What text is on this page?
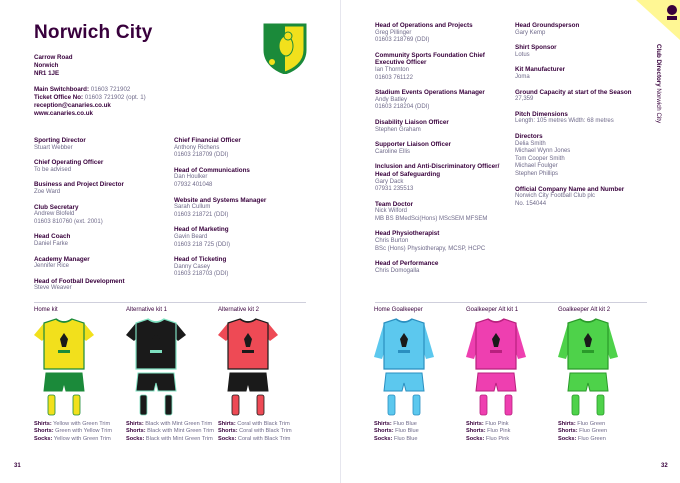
Norwich City
Carrow Road
Norwich
NR1 1JE
Main Switchboard: 01603 721902
Ticket Office No: 01603 721902 (opt. 1)
reception@canaries.co.uk
www.canaries.co.uk
Sporting Director
Stuart Webber
Chief Operating Officer
To be advised
Business and Project Director
Zoe Ward
Club Secretary
Andrew Blofeld
01603 810760 (ext. 2001)
Head Coach
Daniel Farke
Academy Manager
Jennifer Rice
Head of Football Development
Steve Weaver
Chief Financial Officer
Anthony Richens
01603 218709 (DDI)
Head of Communications
Dan Houlker
07932 401048
Website and Systems Manager
Sarah Cullum
01603 218721 (DDI)
Head of Marketing
Gavin Beard
01603 218 725 (DDI)
Head of Ticketing
Danny Casey
01603 218703 (DDI)
31
Head of Operations and Projects
Greg Pillinger
01603 218769 (DDI)
Community Sports Foundation Chief Executive Officer
Ian Thornton
01603 761122
Stadium Events Operations Manager
Andy Batley
01603 218204 (DDI)
Disability Liaison Officer
Stephen Graham
Supporter Liaison Officer
Caroline Ellis
Inclusion and Anti-Discriminatory Officer/ Head of Safeguarding
Gary Dack
07931 235513
Team Doctor
Nick Wilford
MB BS BMedSci(Hons) MScSEM MFSEM
Head Physiotherapist
Chris Burton
BSc (Hons) Physiotherapy, MCSP, HCPC
Head of Performance
Chris Domogalla
Head Groundsperson
Gary Kemp
Shirt Sponsor
Lotus
Kit Manufacturer
Joma
Ground Capacity at start of the Season
27,359
Pitch Dimensions
Length: 105 metres Width: 68 metres
Directors
Delia Smith
Michael Wynn Jones
Tom Cooper Smith
Michael Foulger
Stephen Phillips
Official Company Name and Number
Norwich City Football Club plc
No. 154044
32
Club Directory Norwich City
Home kit
Shirts: Yellow with Green Trim
Shorts: Green with Yellow Trim
Socks: Yellow with Green Trim
Alternative kit 1
Shirts: Black with Mint Green Trim
Shorts: Black with Mint Green Trim
Socks: Black with Mint Green Trim
Alternative kit 2
Shirts: Coral with Black Trim
Shorts: Coral with Black Trim
Socks: Coral with Black Trim
Home Goalkeeper
Shirts: Fluo Blue
Shorts: Fluo Blue
Socks: Fluo Blue
Goalkeeper Alt kit 1
Shirts: Fluo Pink
Shorts: Fluo Pink
Socks: Fluo Pink
Goalkeeper Alt kit 2
Shirts: Fluo Green
Shorts: Fluo Green
Socks: Fluo Green
